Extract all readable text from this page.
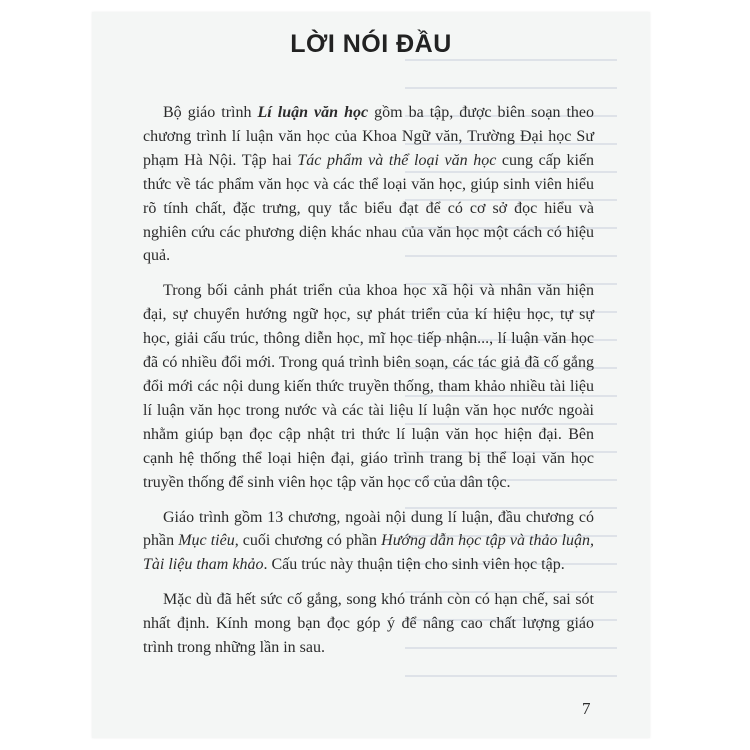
LỜI NÓI ĐẦU

Bộ giáo trình Lí luận văn học gồm ba tập, được biên soạn theo chương trình lí luận văn học của Khoa Ngữ văn, Trường Đại học Sư phạm Hà Nội. Tập hai Tác phẩm và thể loại văn học cung cấp kiến thức về tác phẩm văn học và các thể loại văn học, giúp sinh viên hiểu rõ tính chất, đặc trưng, quy tắc biểu đạt để có cơ sở đọc hiểu và nghiên cứu các phương diện khác nhau của văn học một cách có hiệu quả.

Trong bối cảnh phát triển của khoa học xã hội và nhân văn hiện đại, sự chuyển hướng ngữ học, sự phát triển của kí hiệu học, tự sự học, giải cấu trúc, thông diễn học, mĩ học tiếp nhận..., lí luận văn học đã có nhiều đổi mới. Trong quá trình biên soạn, các tác giả đã cố gắng đổi mới các nội dung kiến thức truyền thống, tham khảo nhiều tài liệu lí luận văn học trong nước và các tài liệu lí luận văn học nước ngoài nhằm giúp bạn đọc cập nhật tri thức lí luận văn học hiện đại. Bên cạnh hệ thống thể loại hiện đại, giáo trình trang bị thể loại văn học truyền thống để sinh viên học tập văn học cổ của dân tộc.

Giáo trình gồm 13 chương, ngoài nội dung lí luận, đầu chương có phần Mục tiêu, cuối chương có phần Hướng dẫn học tập và thảo luận, Tài liệu tham khảo. Cấu trúc này thuận tiện cho sinh viên học tập.

Mặc dù đã hết sức cố gắng, song khó tránh còn có hạn chế, sai sót nhất định. Kính mong bạn đọc góp ý để nâng cao chất lượng giáo trình trong những lần in sau.

7
